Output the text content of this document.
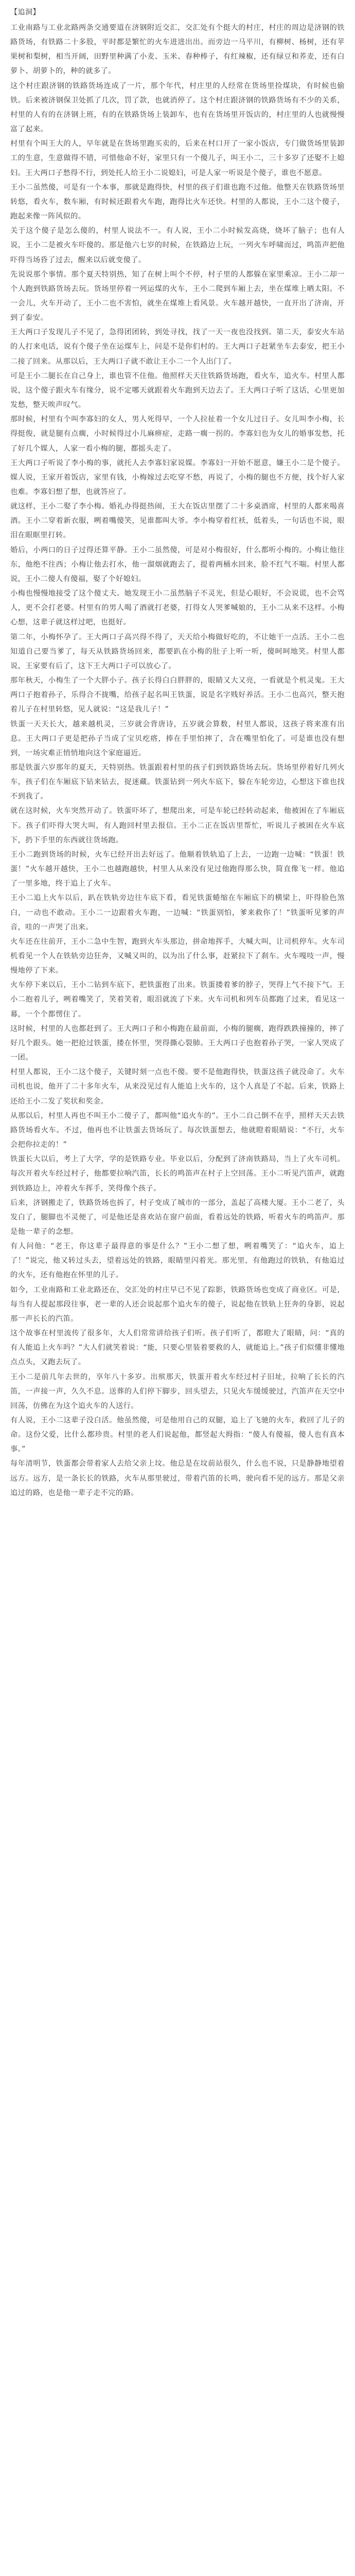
【追洞】

工业南路与工业北路两条交通要道在济钢附近交汇，交汇处有个挺大的村庄，村庄的周边是济钢的铁路货场，有铁路二十多股，平时都是繁忙的火车进进出出。而旁边一马平川，有柳树、杨树，还有苹果树和梨树，相当开阔，田野里种满了小麦、玉米、春种棒子，有红辣椒，还有绿豆和荞麦，还有白萝卜、胡萝卜的，种的就多了。

这个村庄跟济钢的铁路货场连成了一片，那个年代，村庄里的人经常在货场里捡煤块，有时候也偷铁。后来被济钢保卫处抓了几次，罚了款，也就消停了。这个村庄跟济钢的铁路货场有不少的关系，村里的人有的在济钢上班，有的在铁路货场上装卸车，也有在货场里开饭店的，村庄里的人也就慢慢富了起来。

村里有个叫王大的人，早年就是在货场里跑买卖的，后来在村口开了一家小饭店，专门做货场里装卸工的生意，生意做得不错，可惜他命不好，家里只有一个傻儿子，叫王小二，三十多岁了还娶不上媳妇。王大两口子愁得不行，到处托人给王小二说媳妇，可是人家一听说是个傻子，谁也不愿意。

王小二虽然傻，可是有一个本事，那就是跑得快，村里的孩子们谁也跑不过他。他整天在铁路货场里转悠，看火车，数车厢，有时候还跟着火车跑，跑得比火车还快。村里的人都说，王小二这个傻子，跑起来像一阵风似的。

关于这个傻子是怎么傻的，村里人说法不一。有人说，王小二小时候发高烧，烧坏了脑子；也有人说，王小二是被火车吓傻的。那是他六七岁的时候，在铁路边上玩，一列火车呼啸而过，鸣笛声把他吓得当场昏了过去，醒来以后就变傻了。

先说说那个事情。那个夏天特别热，知了在树上叫个不停，村子里的人都躲在家里乘凉。王小二却一个人跑到铁路货场去玩。货场里停着一列运煤的火车，王小二爬到车厢上去，坐在煤堆上晒太阳。不一会儿，火车开动了，王小二也不害怕，就坐在煤堆上看风景。火车越开越快，一直开出了济南，开到了泰安。

王大两口子发现儿子不见了，急得团团转，到处寻找，找了一天一夜也没找到。第二天，泰安火车站的人打来电话，说有个傻子坐在运煤车上，问是不是你们村的。王大两口子赶紧坐车去泰安，把王小二接了回来。从那以后，王大两口子就不敢让王小二一个人出门了。

可是王小二腿长在自己身上，谁也管不住他。他照样天天往铁路货场跑，看火车，追火车。村里人都说，这个傻子跟火车有缘分，说不定哪天就跟着火车跑到天边去了。王大两口子听了这话，心里更加发愁，整天唉声叹气。

那时候，村里有个叫李寡妇的女人，男人死得早，一个人拉扯着一个女儿过日子。女儿叫李小梅，长得挺俊，就是腿有点瘸，小时候得过小儿麻痹症，走路一瘸一拐的。李寡妇也为女儿的婚事发愁，托了好几个媒人，人家一看小梅的腿，都摇头走了。

王大两口子听说了李小梅的事，就托人去李寡妇家说媒。李寡妇一开始不愿意，嫌王小二是个傻子。媒人说，王家开着饭店，家里有钱，小梅嫁过去吃穿不愁，再说了，小梅的腿也不方便，找个好人家也难。李寡妇想了想，也就答应了。

就这样，王小二娶了李小梅。婚礼办得挺热闹，王大在饭店里摆了二十多桌酒席，村里的人都来喝喜酒。王小二穿着新衣服，咧着嘴傻笑，见谁都叫大爷。李小梅穿着红袄，低着头，一句话也不说，眼泪在眼眶里打转。

婚后，小两口的日子过得还算平静。王小二虽然傻，可是对小梅很好，什么都听小梅的。小梅让他往东，他绝不往西；小梅让他去打水，他一溜烟就跑去了，提着两桶水回来，脸不红气不喘。村里人都说，王小二傻人有傻福，娶了个好媳妇。

小梅也慢慢地接受了这个傻丈夫。她发现王小二虽然脑子不灵光，但是心眼好，不会说谎，也不会骂人，更不会打老婆。村里有的男人喝了酒就打老婆，打得女人哭爹喊娘的，王小二从来不这样。小梅心想，这辈子就这样过吧，也挺好。

第二年，小梅怀孕了。王大两口子高兴得不得了，天天给小梅做好吃的，不让她干一点活。王小二也知道自己要当爹了，每天从铁路货场回来，都要趴在小梅的肚子上听一听，傻呵呵地笑。村里人都说，王家要有后了，这下王大两口子可以放心了。

那年秋天，小梅生了一个大胖小子。孩子长得白白胖胖的，眼睛又大又亮，一看就是个机灵鬼。王大两口子抱着孙子，乐得合不拢嘴，给孩子起名叫王铁蛋，说是名字贱好养活。王小二也高兴，整天抱着儿子在村里转悠，见人就说：“这是我儿子！”

铁蛋一天天长大，越来越机灵，三岁就会背唐诗，五岁就会算数，村里人都说，这孩子将来准有出息。王大两口子更是把孙子当成了宝贝疙瘩，捧在手里怕摔了，含在嘴里怕化了。可是谁也没有想到，一场灾难正悄悄地向这个家庭逼近。

那是铁蛋六岁那年的夏天，天特别热。铁蛋跟着村里的孩子们到铁路货场去玩。货场里停着好几列火车，孩子们在车厢底下钻来钻去，捉迷藏。铁蛋钻到一列火车底下，躲在车轮旁边，心想这下谁也找不到我了。

就在这时候，火车突然开动了。铁蛋吓坏了，想爬出来，可是车轮已经转动起来，他被困在了车厢底下。孩子们吓得大哭大叫，有人跑回村里去报信。王小二正在饭店里帮忙，听说儿子被困在火车底下，扔下手里的东西就往货场跑。

王小二跑到货场的时候，火车已经开出去好远了。他顺着铁轨追了上去，一边跑一边喊：“铁蛋！铁蛋！”火车越开越快，王小二也越跑越快，村里人从来没有见过他跑得那么快，简直像飞一样。他追了一里多地，终于追上了火车。

王小二追上火车以后，趴在铁轨旁边往车底下看，看见铁蛋蜷缩在车厢底下的横梁上，吓得脸色煞白，一动也不敢动。王小二一边跟着火车跑，一边喊：“铁蛋别怕，爹来救你了！”铁蛋听见爹的声音，哇的一声哭了出来。

火车还在往前开，王小二急中生智，跑到火车头那边，拼命地挥手，大喊大叫，让司机停车。火车司机看见一个人在铁轨旁边狂奔，又喊又叫的，以为出了什么事，赶紧拉下了刹车。火车嘎吱一声，慢慢地停了下来。

火车停下来以后，王小二钻到车底下，把铁蛋抱了出来。铁蛋搂着爹的脖子，哭得上气不接下气。王小二抱着儿子，咧着嘴笑了，笑着笑着，眼泪就流了下来。火车司机和列车员都跑了过来，看见这一幕，一个个都愣住了。

这时候，村里的人也都赶到了。王大两口子和小梅跑在最前面，小梅的腿瘸，跑得跌跌撞撞的，摔了好几个跟头。她一把抢过铁蛋，搂在怀里，哭得撕心裂肺。王大两口子也抱着孙子哭，一家人哭成了一团。

村里人都说，王小二这个傻子，关键时刻一点也不傻。要不是他跑得快，铁蛋这孩子就没命了。火车司机也说，他开了二十多年火车，从来没见过有人能追上火车的，这个人真是了不起。后来，铁路上还给王小二发了奖状和奖金。

从那以后，村里人再也不叫王小二傻子了，都叫他“追火车的”。王小二自己倒不在乎，照样天天去铁路货场看火车。不过，他再也不让铁蛋去货场玩了。每次铁蛋想去，他就瞪着眼睛说：“不行，火车会把你拉走的！”

铁蛋长大以后，考上了大学，学的是铁路专业。毕业以后，分配到了济南铁路局，当上了火车司机。每次开着火车经过村子，他都要拉响汽笛，长长的鸣笛声在村子上空回荡。王小二听见汽笛声，就跑到铁路边上，冲着火车挥手，笑得像个孩子。

后来，济钢搬走了，铁路货场也拆了，村子变成了城市的一部分，盖起了高楼大厦。王小二老了，头发白了，腿脚也不灵便了，可是他还是喜欢站在窗户前面，看着远处的铁路，听着火车的鸣笛声。那是他一辈子的念想。

有人问他：“老王，你这辈子最得意的事是什么？”王小二想了想，咧着嘴笑了：“追火车，追上了！”说完，他又转过头去，望着远处的铁路，眼睛里闪着光。那光里，有他跑过的铁轨，有他追过的火车，还有他抱在怀里的儿子。

如今，工业南路和工业北路还在，交汇处的村庄早已不见了踪影，铁路货场也变成了商业区。可是，每当有人提起那段往事，老一辈的人还会说起那个追火车的傻子，说起他在铁轨上狂奔的身影，说起那一声长长的汽笛。

这个故事在村里流传了很多年，大人们常常讲给孩子们听。孩子们听了，都瞪大了眼睛，问：“真的有人能追上火车吗？”大人们就笑着说：“能，只要心里装着要救的人，就能追上。”孩子们似懂非懂地点点头，又跑去玩了。

王小二是前几年去世的，享年八十多岁。出殡那天，铁蛋开着火车经过村子旧址，拉响了长长的汽笛，一声接一声，久久不息。送葬的人们停下脚步，回头望去，只见火车缓缓驶过，汽笛声在天空中回荡，仿佛在为这个追火车的人送行。

有人说，王小二这辈子没白活。他虽然傻，可是他用自己的双腿，追上了飞驰的火车，救回了儿子的命。这份父爱，比什么都珍贵。村里的老人们说起他，都竖起大拇指：“傻人有傻福，傻人也有真本事。”

每年清明节，铁蛋都会带着家人去给父亲上坟。他总是在坟前站很久，什么也不说，只是静静地望着远方。远方，是一条长长的铁路，火车从那里驶过，带着汽笛的长鸣，驶向看不见的远方。那是父亲追过的路，也是他一辈子走不完的路。
